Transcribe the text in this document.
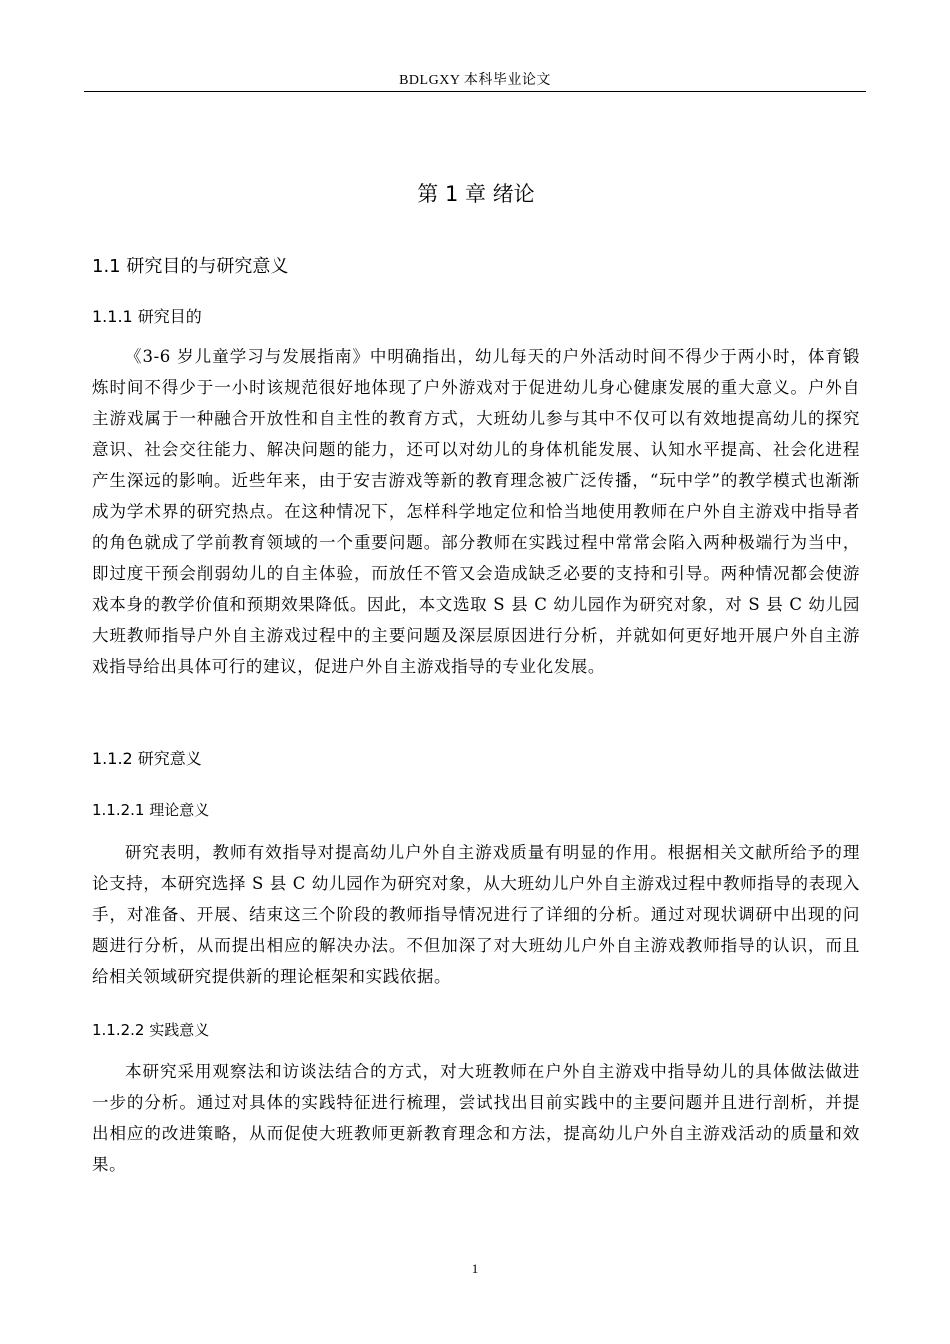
BDLGXY 本科毕业论文
第 1 章 绪论
1.1 研究目的与研究意义
1.1.1 研究目的

《3-6 岁儿童学习与发展指南》中明确指出，幼儿每天的户外活动时间不得少于两小时，体育锻炼时间不得少于一小时该规范很好地体现了户外游戏对于促进幼儿身心健康发展的重大意义。户外自主游戏属于一种融合开放性和自主性的教育方式，大班幼儿参与其中不仅可以有效地提高幼儿的探究意识、社会交往能力、解决问题的能力，还可以对幼儿的身体机能发展、认知水平提高、社会化进程产生深远的影响。近些年来，由于安吉游戏等新的教育理念被广泛传播，“玩中学”的教学模式也渐渐成为学术界的研究热点。在这种情况下，怎样科学地定位和恰当地使用教师在户外自主游戏中指导者的角色就成了学前教育领域的一个重要问题。部分教师在实践过程中常常会陷入两种极端行为当中，即过度干预会削弱幼儿的自主体验，而放任不管又会造成缺乏必要的支持和引导。两种情况都会使游戏本身的教学价值和预期效果降低。因此，本文选取 S 县 C 幼儿园作为研究对象，对 S 县 C 幼儿园大班教师指导户外自主游戏过程中的主要问题及深层原因进行分析，并就如何更好地开展户外自主游戏指导给出具体可行的建议，促进户外自主游戏指导的专业化发展。

1.1.2 研究意义
1.1.2.1 理论意义

研究表明，教师有效指导对提高幼儿户外自主游戏质量有明显的作用。根据相关文献所给予的理论支持，本研究选择 S 县 C 幼儿园作为研究对象，从大班幼儿户外自主游戏过程中教师指导的表现入手，对准备、开展、结束这三个阶段的教师指导情况进行了详细的分析。通过对现状调研中出现的问题进行分析，从而提出相应的解决办法。不但加深了对大班幼儿户外自主游戏教师指导的认识，而且给相关领域研究提供新的理论框架和实践依据。

1.1.2.2 实践意义

本研究采用观察法和访谈法结合的方式，对大班教师在户外自主游戏中指导幼儿的具体做法做进一步的分析。通过对具体的实践特征进行梳理，尝试找出目前实践中的主要问题并且进行剖析，并提出相应的改进策略，从而促使大班教师更新教育理念和方法，提高幼儿户外自主游戏活动的质量和效果。

1
